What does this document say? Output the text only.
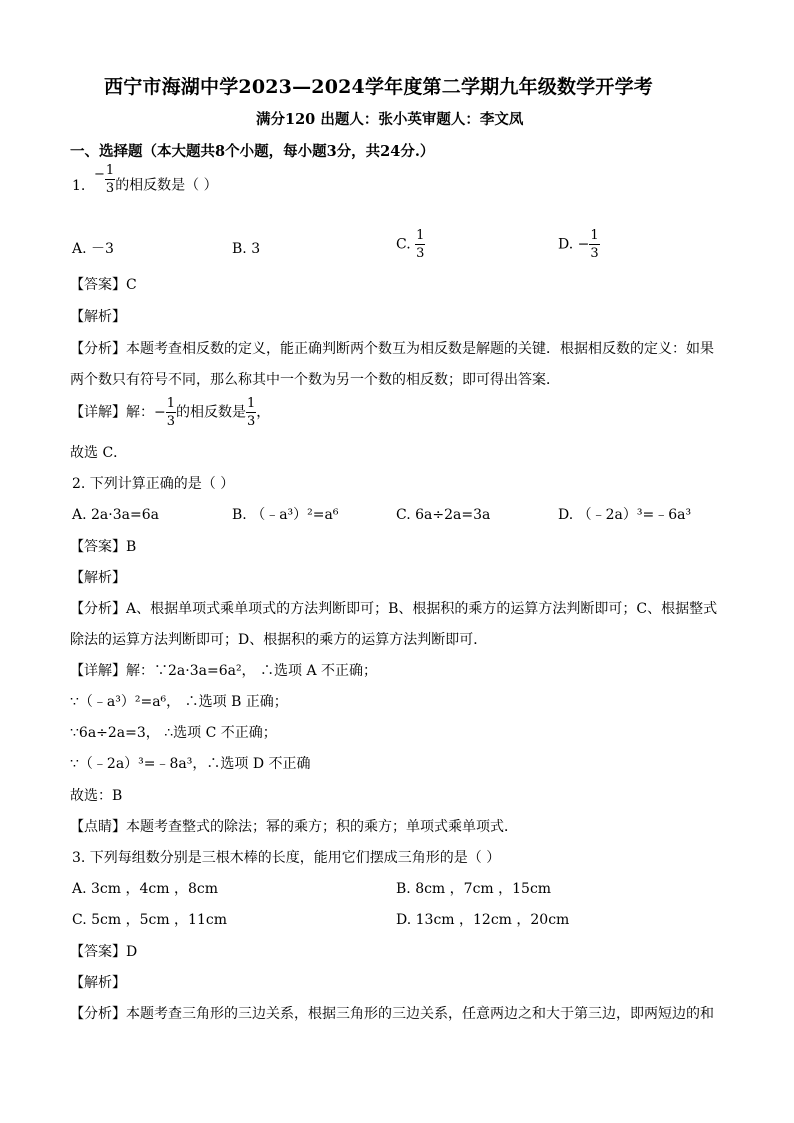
西宁市海湖中学2023—2024学年度第二学期九年级数学开学考
满分120 出题人：张小英审题人：李文凤
一、选择题（本大题共8个小题，每小题3分，共24分.）
$1.- \frac{1}{3}$ 的相反数是（ ）
A. －3	B. 3	C. $\frac{1}{3}$	D. − $\frac{1}{3}$
【答案】C
【解析】
【分析】本题考查相反数的定义，能正确判断两个数互为相反数是解题的关键．根据相反数的定义：如果
两个数只有符号不同，那么称其中一个数为另一个数的相反数；即可得出答案．
【详解】解：− $\frac{1}{3}$ 的相反数是 $\frac{1}{3}$ ，
故选 C．
2. 下列计算正确的是（ ）
A. 2a·3a=6a	B. （﹣a³）²=a⁶	C. 6a÷2a=3a	D. （﹣2a）³=﹣6a³
【答案】B
【解析】
【分析】A、根据单项式乘单项式的方法判断即可；B、根据积的乘方的运算方法判断即可；C、根据整式
除法的运算方法判断即可；D、根据积的乘方的运算方法判断即可．
【详解】解：∵2a·3a=6a²， ∴选项 A 不正确；
∵（﹣a³）²=a⁶， ∴选项 B 正确；
∵6a÷2a=3， ∴选项 C 不正确；
∵（﹣2a）³=﹣8a³，∴选项 D 不正确
故选：B
【点睛】本题考查整式的除法；幂的乘方；积的乘方；单项式乘单项式．
3. 下列每组数分别是三根木棒的长度，能用它们摆成三角形的是（ ）
A. 3cm ，4cm ，8cm	B. 8cm ，7cm ，15cm
C. 5cm ，5cm ，11cm	D. 13cm ，12cm ，20cm
【答案】D
【解析】
【分析】本题考查三角形的三边关系，根据三角形的三边关系，任意两边之和大于第三边，即两短边的和
